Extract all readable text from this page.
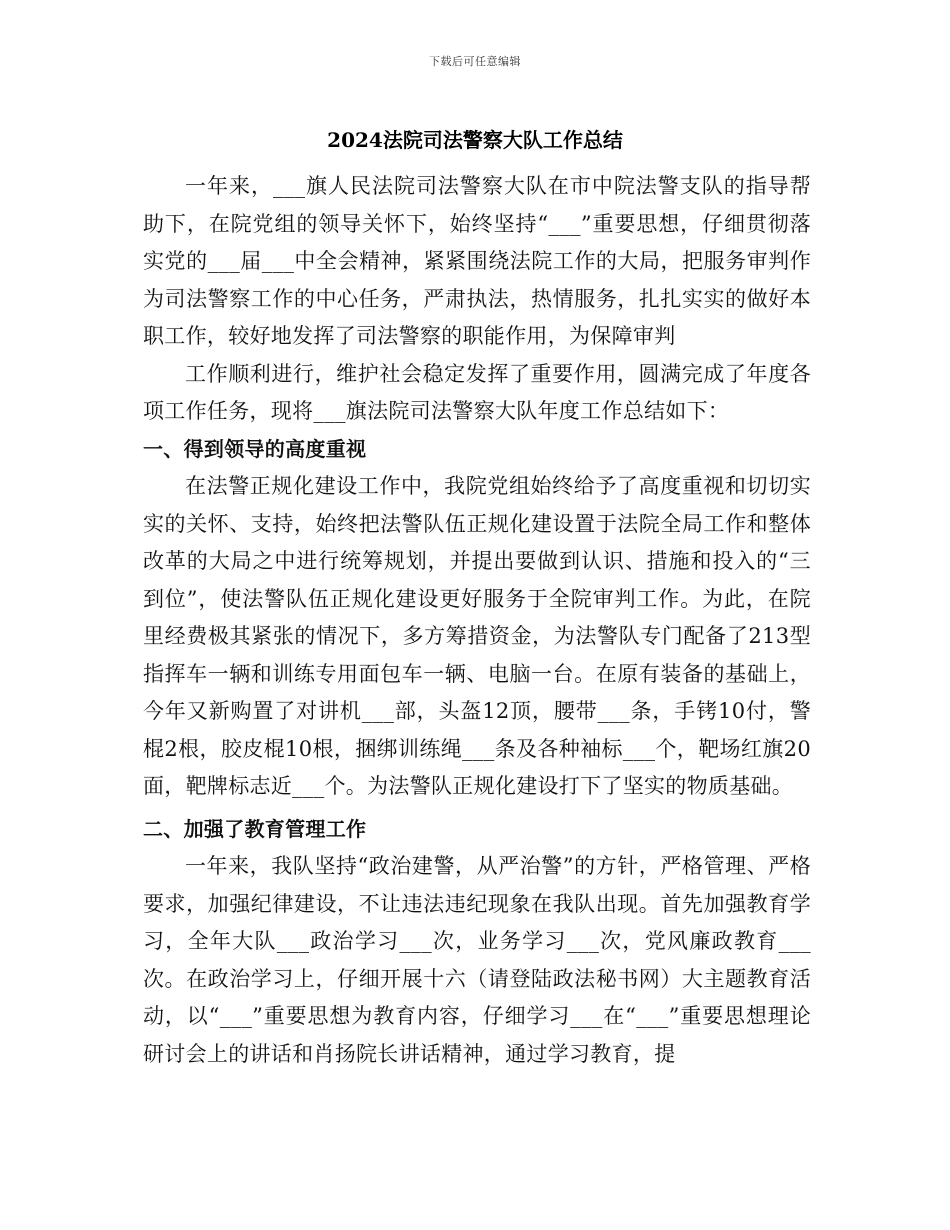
下载后可任意编辑
2024法院司法警察大队工作总结

一年来，___旗人民法院司法警察大队在市中院法警支队的指导帮助下，在院党组的领导关怀下，始终坚持“___”重要思想，仔细贯彻落实党的___届___中全会精神，紧紧围绕法院工作的大局，把服务审判作为司法警察工作的中心任务，严肃执法，热情服务，扎扎实实的做好本职工作，较好地发挥了司法警察的职能作用，为保障审判

工作顺利进行，维护社会稳定发挥了重要作用，圆满完成了年度各项工作任务，现将___旗法院司法警察大队年度工作总结如下：

一、得到领导的高度重视

在法警正规化建设工作中，我院党组始终给予了高度重视和切切实实的关怀、支持，始终把法警队伍正规化建设置于法院全局工作和整体改革的大局之中进行统筹规划，并提出要做到认识、措施和投入的“三到位”，使法警队伍正规化建设更好服务于全院审判工作。为此，在院里经费极其紧张的情况下，多方筹措资金，为法警队专门配备了213型指挥车一辆和训练专用面包车一辆、电脑一台。在原有装备的基础上，今年又新购置了对讲机___部，头盔12顶，腰带___条，手铐10付，警棍2根，胶皮棍10根，捆绑训练绳___条及各种袖标___个，靶场红旗20面，靶牌标志近___个。为法警队正规化建设打下了坚实的物质基础。

二、加强了教育管理工作

一年来，我队坚持“政治建警，从严治警”的方针，严格管理、严格要求，加强纪律建设，不让违法违纪现象在我队出现。首先加强教育学习，全年大队___政治学习___次，业务学习___次，党风廉政教育___次。在政治学习上，仔细开展十六（请登陆政法秘书网）大主题教育活动，以“___”重要思想为教育内容，仔细学习___在“___”重要思想理论研讨会上的讲话和肖扬院长讲话精神，通过学习教育，提
